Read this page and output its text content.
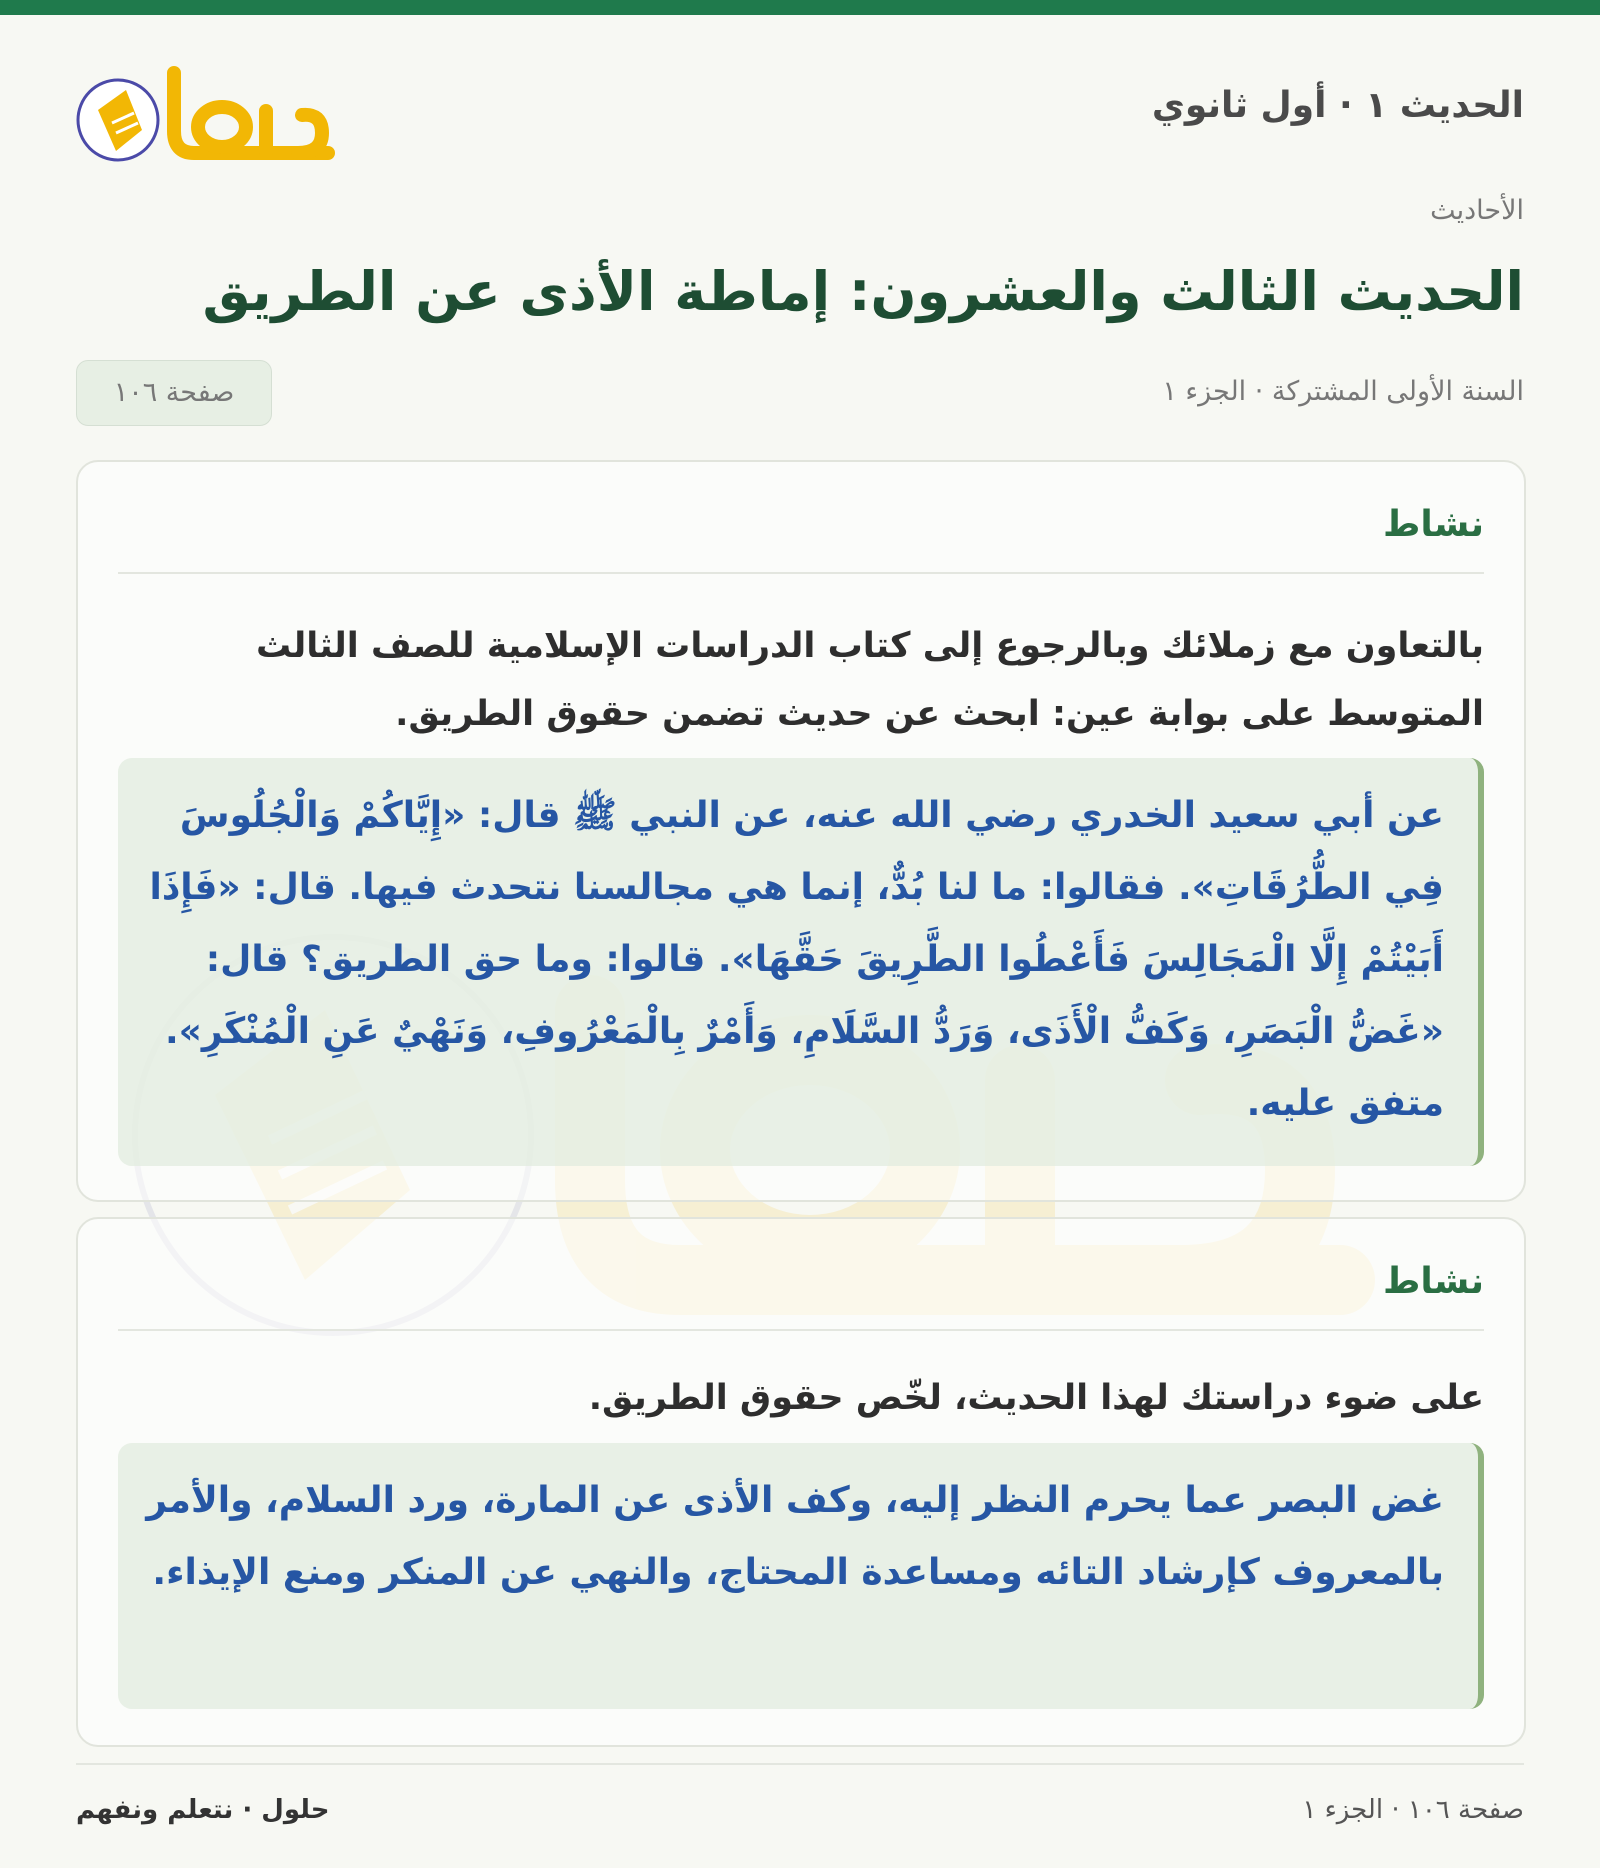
الحديث ١ · أول ثانوي
الأحاديث
الحديث الثالث والعشرون: إماطة الأذى عن الطريق
السنة الأولى المشتركة · الجزء ١
صفحة ١٠٦
نشاط
بالتعاون مع زملائك وبالرجوع إلى كتاب الدراسات الإسلامية للصف الثالث المتوسط على بوابة عين: ابحث عن حديث تضمن حقوق الطريق.
عن أبي سعيد الخدري رضي الله عنه، عن النبي ﷺ قال: «إِيَّاكُمْ وَالْجُلُوسَ فِي الطُّرُقَاتِ». فقالوا: ما لنا بُدٌّ، إنما هي مجالسنا نتحدث فيها. قال: «فَإِذَا أَبَيْتُمْ إِلَّا الْمَجَالِسَ فَأَعْطُوا الطَّرِيقَ حَقَّهَا». قالوا: وما حق الطريق؟ قال: «غَضُّ الْبَصَرِ، وَكَفُّ الْأَذَى، وَرَدُّ السَّلَامِ، وَأَمْرٌ بِالْمَعْرُوفِ، وَنَهْيٌ عَنِ الْمُنْكَرِ». متفق عليه.
نشاط
على ضوء دراستك لهذا الحديث، لخّص حقوق الطريق.
غض البصر عما يحرم النظر إليه، وكف الأذى عن المارة، ورد السلام، والأمر بالمعروف كإرشاد التائه ومساعدة المحتاج، والنهي عن المنكر ومنع الإيذاء.
صفحة ١٠٦ · الجزء ١
حلول · نتعلم ونفهم
